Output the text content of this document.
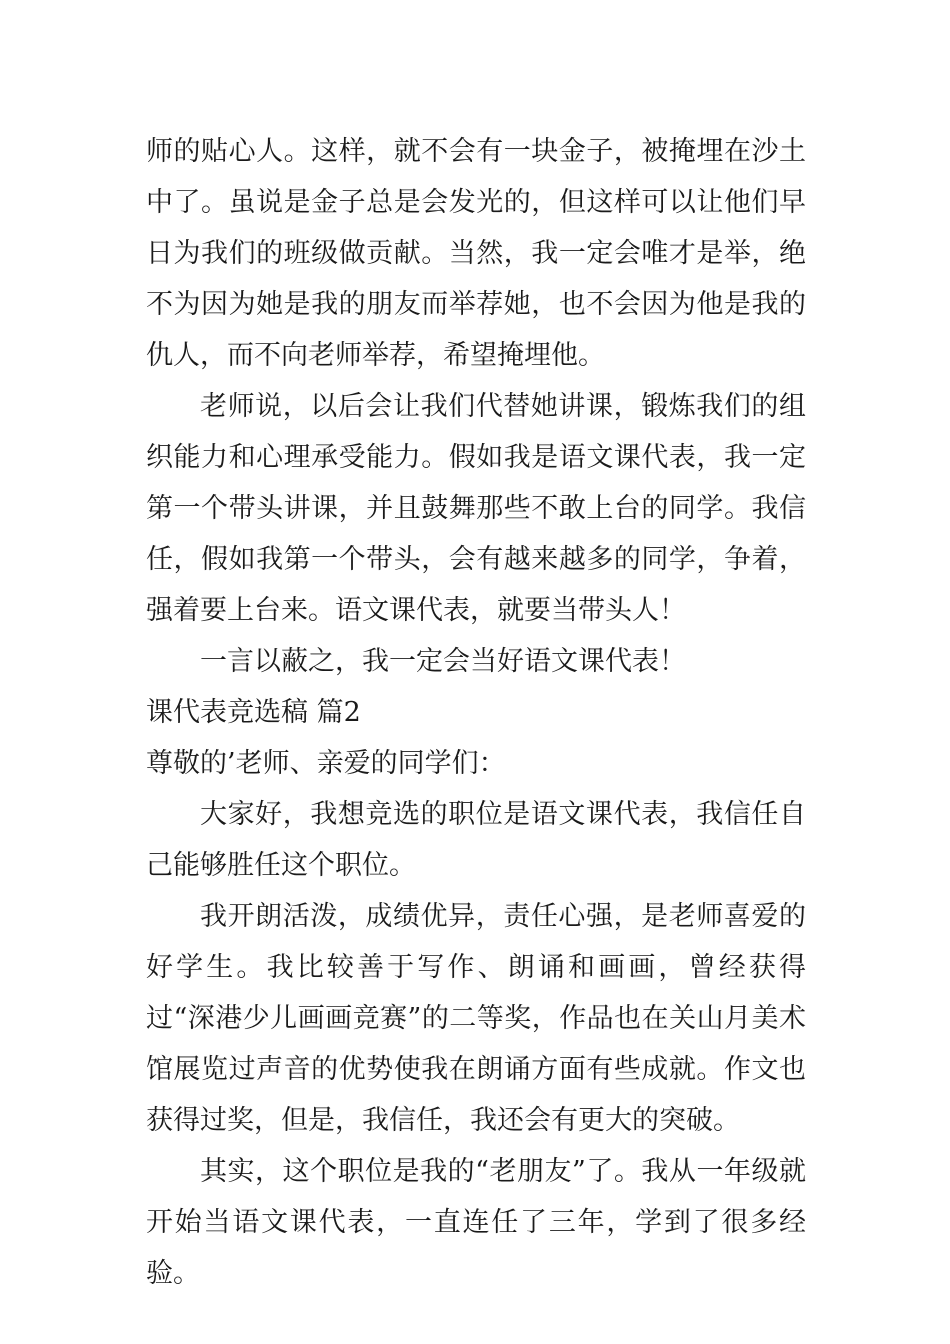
师的贴心人。这样，就不会有一块金子，被掩埋在沙土中了。虽说是金子总是会发光的，但这样可以让他们早日为我们的班级做贡献。当然，我一定会唯才是举，绝不为因为她是我的朋友而举荐她，也不会因为他是我的仇人，而不向老师举荐，希望掩埋他。

老师说，以后会让我们代替她讲课，锻炼我们的组织能力和心理承受能力。假如我是语文课代表，我一定第一个带头讲课，并且鼓舞那些不敢上台的同学。我信任，假如我第一个带头，会有越来越多的同学，争着，强着要上台来。语文课代表，就要当带头人！

一言以蔽之，我一定会当好语文课代表！

课代表竞选稿 篇2

尊敬的’老师、亲爱的同学们：

大家好，我想竞选的职位是语文课代表，我信任自己能够胜任这个职位。

我开朗活泼，成绩优异，责任心强，是老师喜爱的好学生。我比较善于写作、朗诵和画画，曾经获得过“深港少儿画画竞赛”的二等奖，作品也在关山月美术馆展览过声音的优势使我在朗诵方面有些成就。作文也获得过奖，但是，我信任，我还会有更大的突破。

其实，这个职位是我的“老朋友”了。我从一年级就开始当语文课代表，一直连任了三年，学到了很多经验。
